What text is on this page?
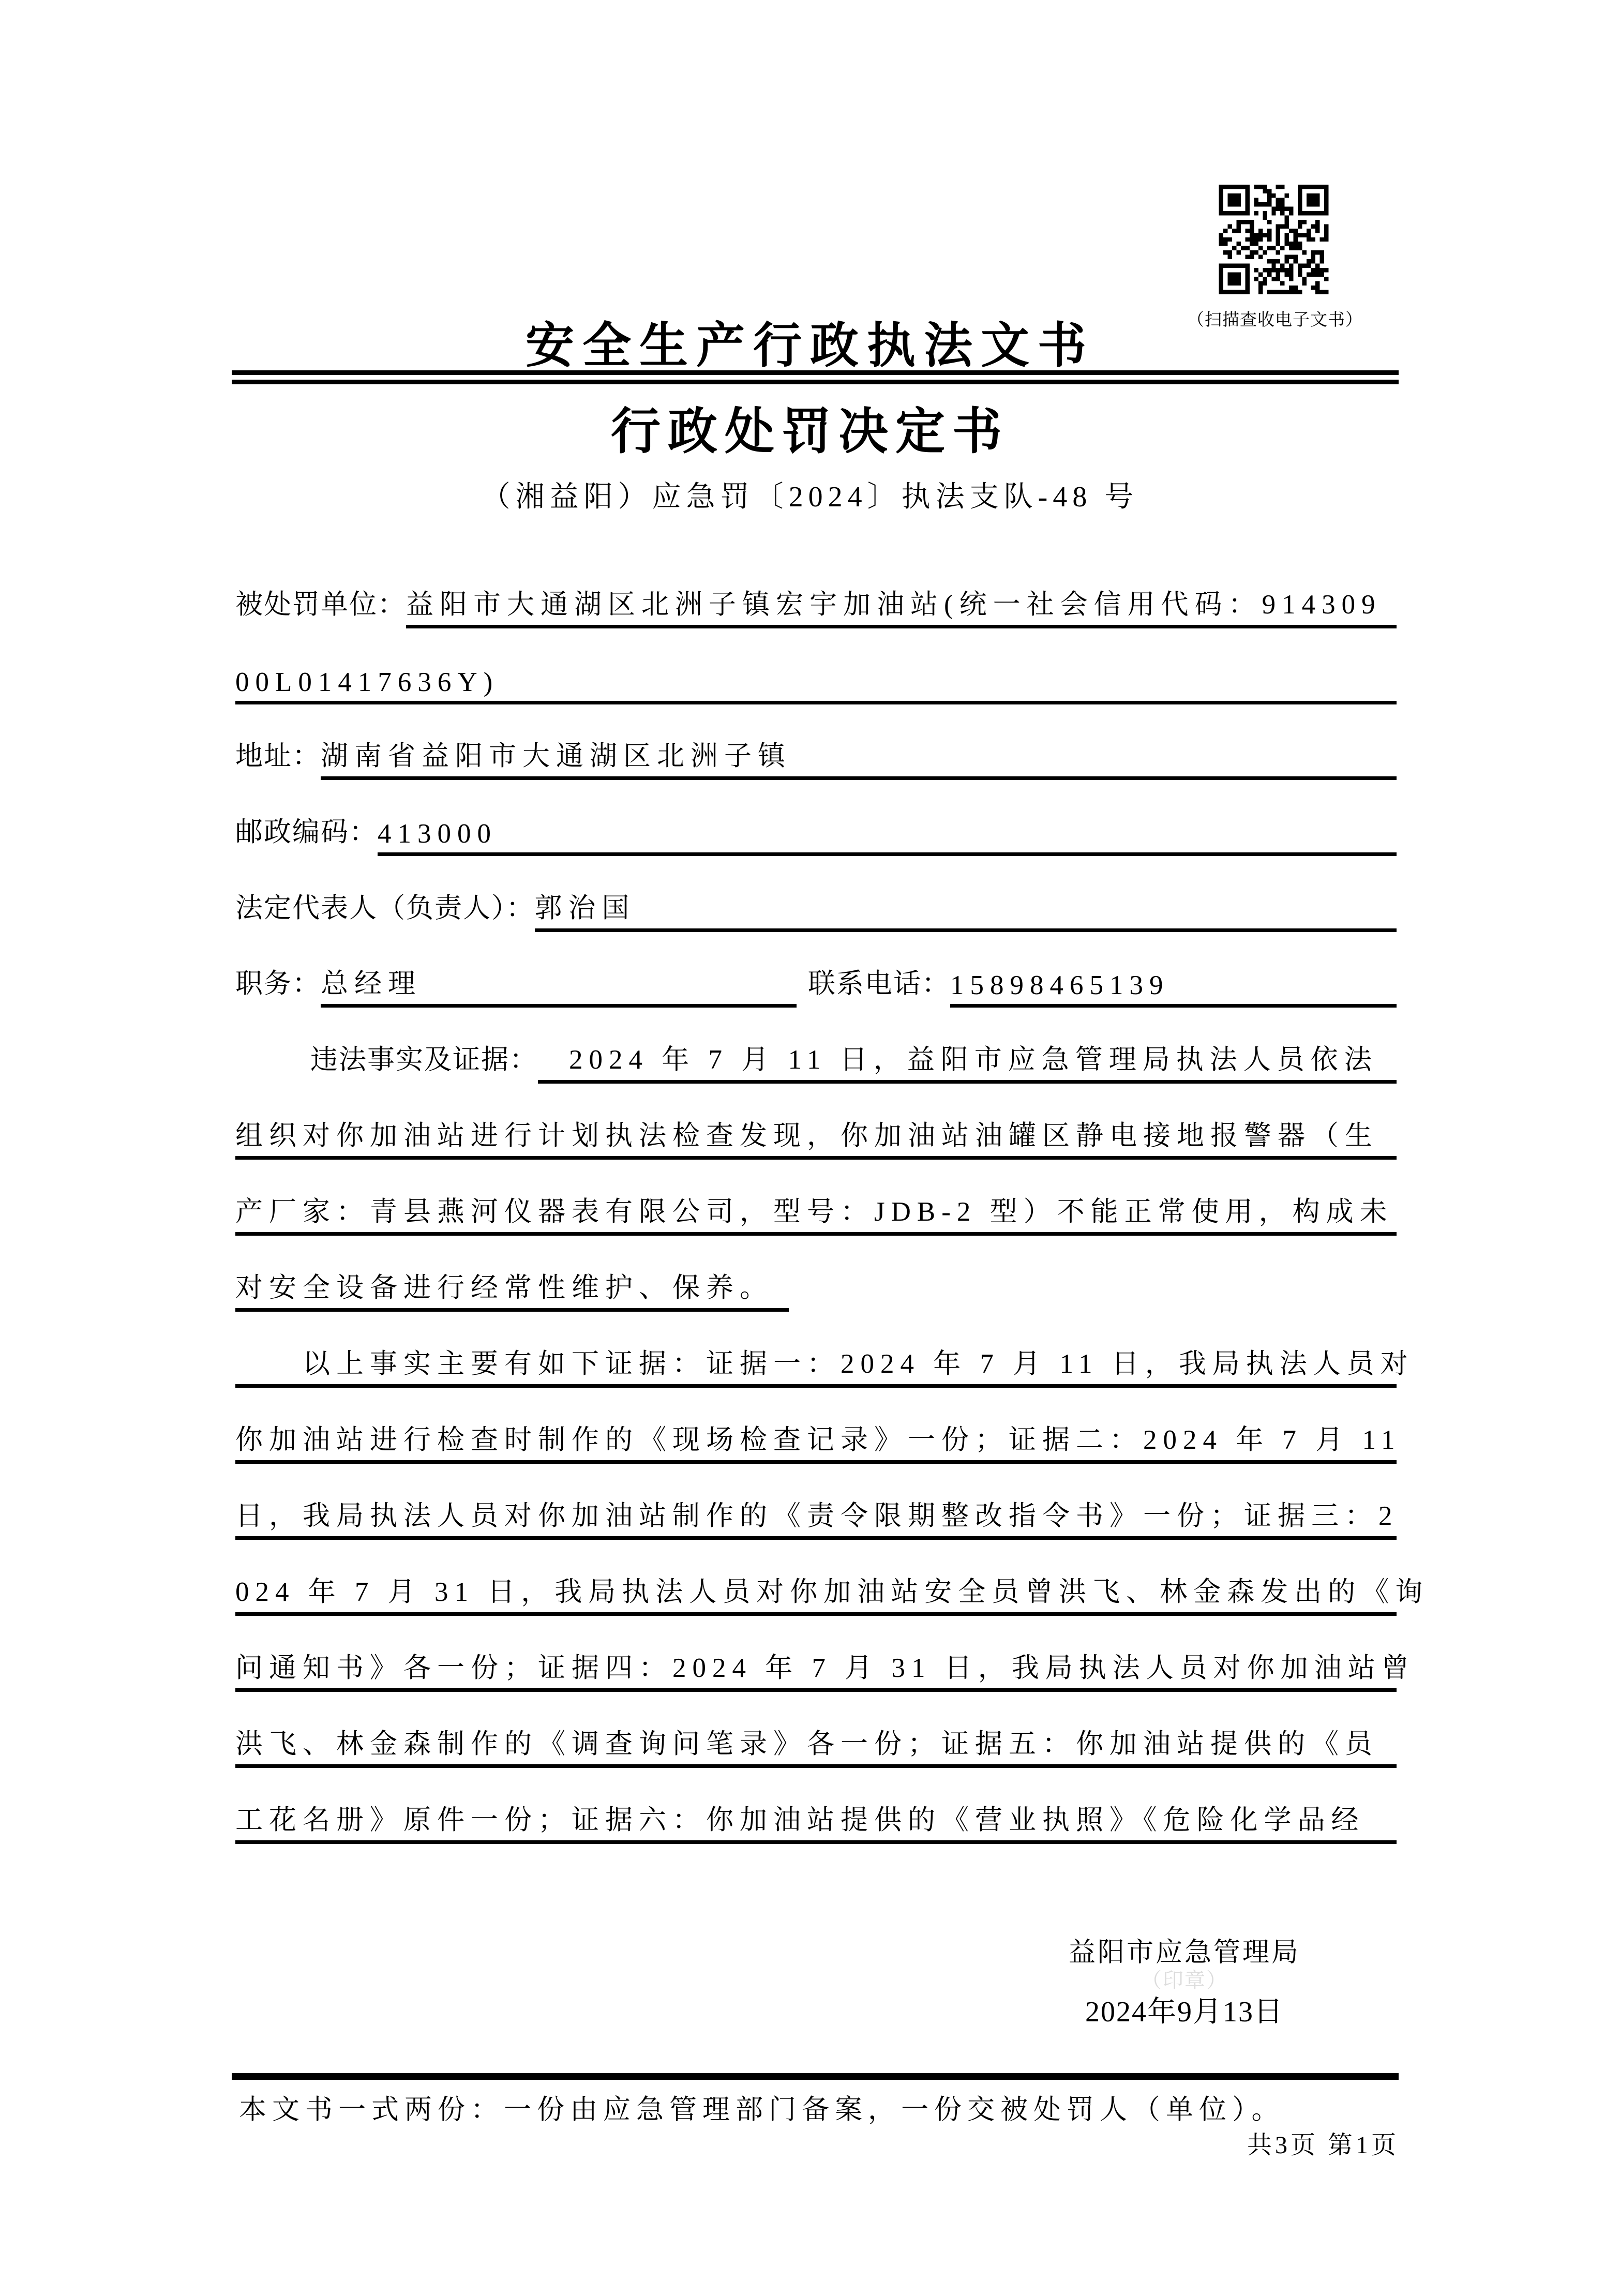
（扫描查收电子文书）
安全生产行政执法文书
行政处罚决定书
（湘益阳）应急罚〔2024〕执法支队-48 号
被处罚单位： 益阳市大通湖区北洲子镇宏宇加油站(统一社会信用代码：914309
00L01417636Y)
地址： 湖南省益阳市大通湖区北洲子镇
邮政编码： 413000
法定代表人（负责人）： 郭治国
职务： 总经理	联系电话： 15898465139
违法事实及证据：	2024 年 7 月 11 日，益阳市应急管理局执法人员依法
组织对你加油站进行计划执法检查发现，你加油站油罐区静电接地报警器（生
产厂家：青县燕河仪器表有限公司，型号：JDB-2 型）不能正常使用，构成未
对安全设备进行经常性维护、保养。
以上事实主要有如下证据：证据一：2024 年 7 月 11 日，我局执法人员对
你加油站进行检查时制作的《现场检查记录》一份；证据二：2024 年 7 月 11
日，我局执法人员对你加油站制作的《责令限期整改指令书》一份；证据三：2
024 年 7 月 31 日，我局执法人员对你加油站安全员曾洪飞、林金森发出的《询
问通知书》各一份；证据四：2024 年 7 月 31 日，我局执法人员对你加油站曾
洪飞、林金森制作的《调查询问笔录》各一份；证据五：你加油站提供的《员
工花名册》原件一份；证据六：你加油站提供的《营业执照》《危险化学品经
益阳市应急管理局
（印章）
2024年9月13日
本文书一式两份：一份由应急管理部门备案，一份交被处罚人（单位）。
共3页 第1页
